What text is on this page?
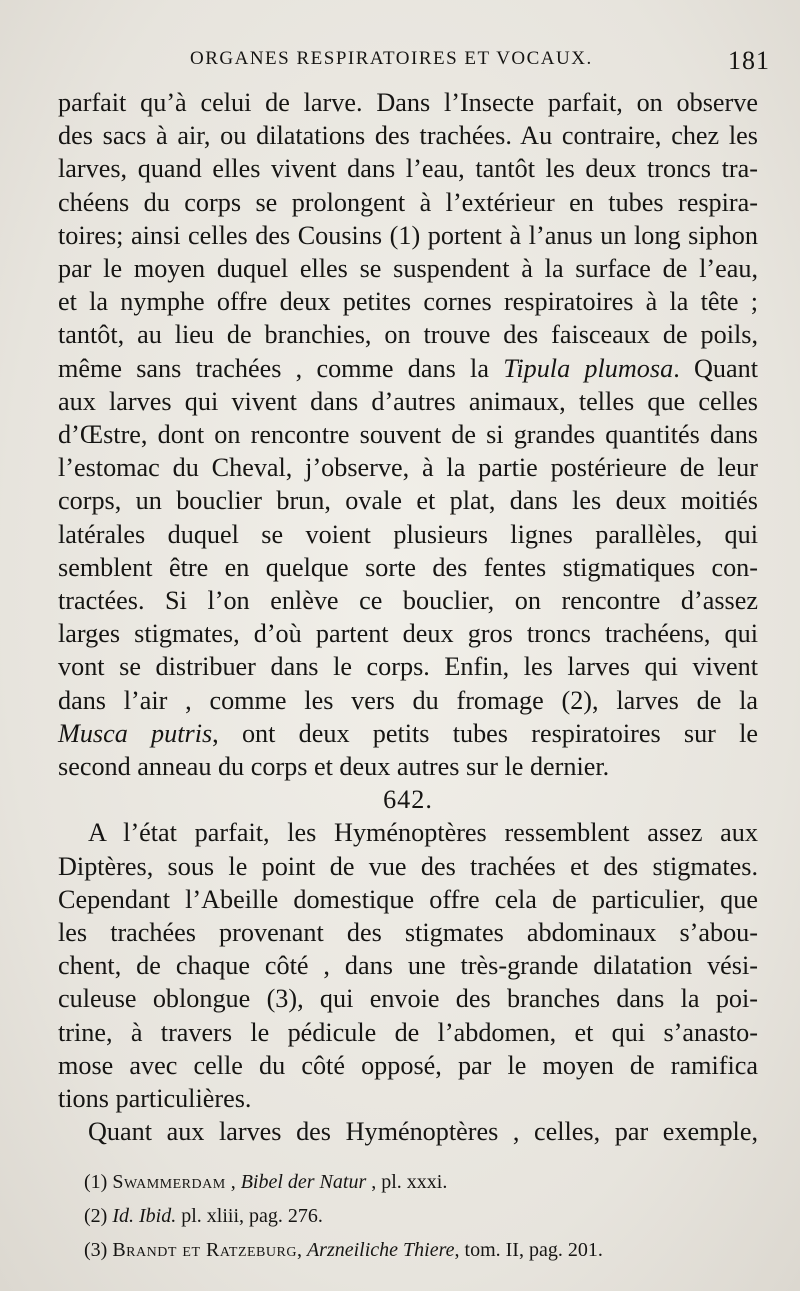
ORGANES RESPIRATOIRES ET VOCAUX.	181
parfait qu’à celui de larve. Dans l’Insecte parfait, on observe
des sacs à air, ou dilatations des trachées. Au contraire, chez les
larves, quand elles vivent dans l’eau, tantôt les deux troncs tra-
chéens du corps se prolongent à l’extérieur en tubes respira-
toires; ainsi celles des Cousins (1) portent à l’anus un long siphon
par le moyen duquel elles se suspendent à la surface de l’eau,
et la nymphe offre deux petites cornes respiratoires à la tête ;
tantôt, au lieu de branchies, on trouve des faisceaux de poils,
même sans trachées , comme dans la Tipula plumosa. Quant
aux larves qui vivent dans d’autres animaux, telles que celles
d’Œstre, dont on rencontre souvent de si grandes quantités dans
l’estomac du Cheval, j’observe, à la partie postérieure de leur
corps, un bouclier brun, ovale et plat, dans les deux moitiés
latérales duquel se voient plusieurs lignes parallèles, qui
semblent être en quelque sorte des fentes stigmatiques con-
tractées. Si l’on enlève ce bouclier, on rencontre d’assez
larges stigmates, d’où partent deux gros troncs trachéens, qui
vont se distribuer dans le corps. Enfin, les larves qui vivent
dans l’air , comme les vers du fromage (2), larves de la
Musca putris, ont deux petits tubes respiratoires sur le
second anneau du corps et deux autres sur le dernier.
642.
A l’état parfait, les Hyménoptères ressemblent assez aux
Diptères, sous le point de vue des trachées et des stigmates.
Cependant l’Abeille domestique offre cela de particulier, que
les trachées provenant des stigmates abdominaux s’abou-
chent, de chaque côté , dans une très-grande dilatation vési-
culeuse oblongue (3), qui envoie des branches dans la poi-
trine, à travers le pédicule de l’abdomen, et qui s’anasto-
mose avec celle du côté opposé, par le moyen de ramifica
tions particulières.
Quant aux larves des Hyménoptères , celles, par exemple,
(1) Swammerdam , Bibel der Natur , pl. xxxi.
(2) Id. Ibid. pl. xliii, pag. 276.
(3) Brandt et Ratzeburg, Arzneiliche Thiere, tom. II, pag. 201.
